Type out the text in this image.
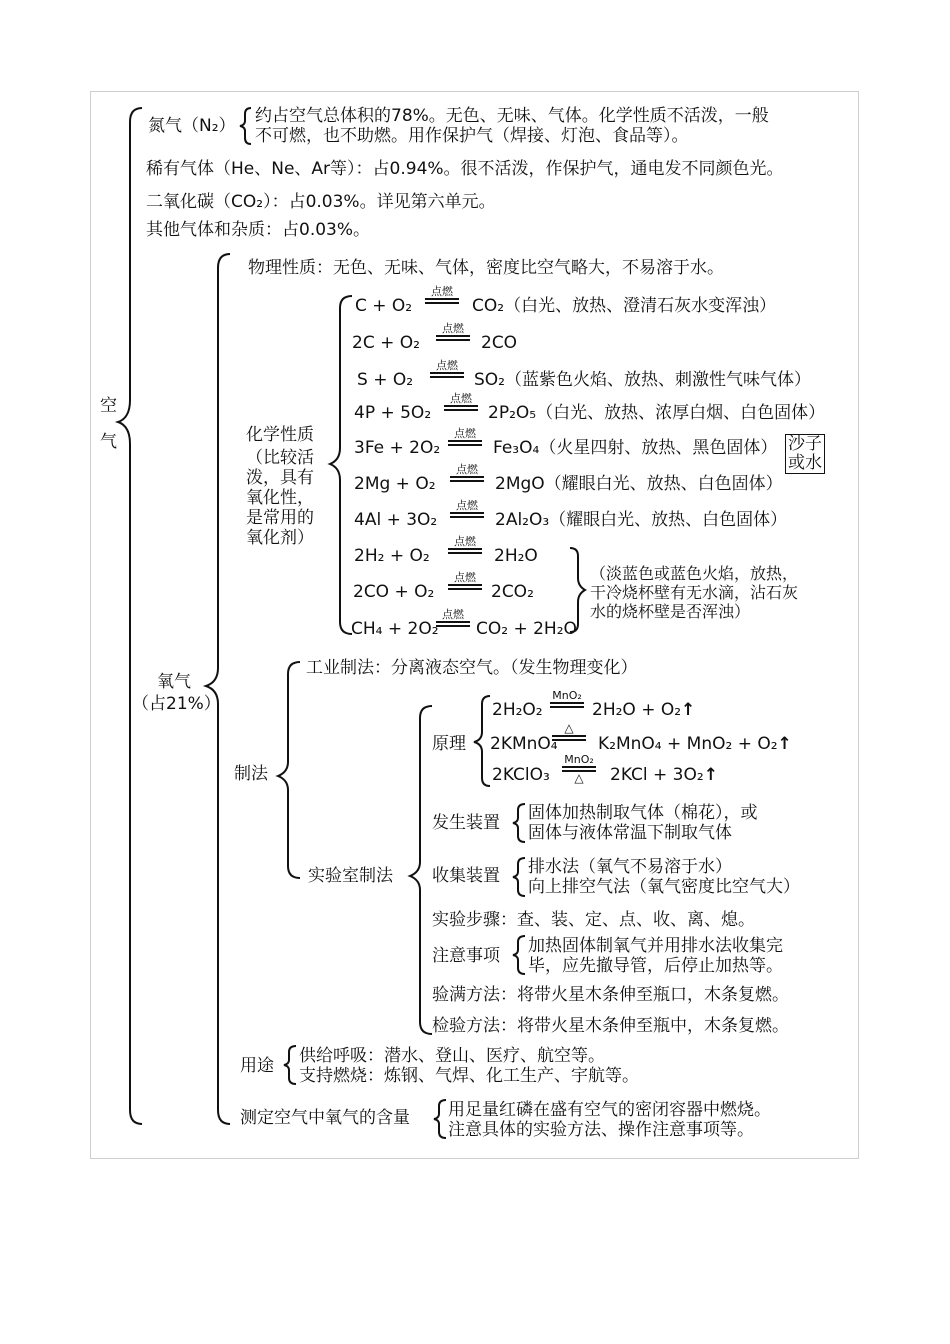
空
气
氮气（N₂） 约占空气总体积的78%。无色、无味、气体。化学性质不活泼，一般
不可燃，也不助燃。用作保护气（焊接、灯泡、食品等）。
稀有气体（He、Ne、Ar等）：占0.94%。很不活泼，作保护气，通电发不同颜色光。
二氧化碳（CO₂）：占0.03%。详见第六单元。
其他气体和杂质：占0.03%。
氧气
（占21%）
物理性质：无色、无味、气体，密度比空气略大，不易溶于水。
化学性质
（比较活
泼，具有
氧化性，
是常用的
氧化剂）
C + O₂
点燃
CO₂（白光、放热、澄清石灰水变浑浊）
2C + O₂
点燃
2CO
S + O₂
点燃
SO₂（蓝紫色火焰、放热、刺激性气味气体）
4P + 5O₂
点燃
2P₂O₅（白光、放热、浓厚白烟、白色固体）
3Fe + 2O₂
点燃
Fe₃O₄（火星四射、放热、黑色固体） 沙子
或水
2Mg + O₂
点燃
2MgO（耀眼白光、放热、白色固体）
4Al + 3O₂
点燃
2Al₂O₃（耀眼白光、放热、白色固体）
2H₂ + O₂
点燃
2H₂O
2CO + O₂
点燃
2CO₂
CH₄ + 2O₂
点燃
CO₂ + 2H₂O
（淡蓝色或蓝色火焰，放热，
干冷烧杯壁有无水滴，沾石灰
水的烧杯壁是否浑浊）
制法
工业制法：分离液态空气。（发生物理变化）
实验室制法
原理
2H₂O₂
MnO₂
2H₂O + O₂↑
2KMnO₄
△
K₂MnO₄ + MnO₂ + O₂↑
2KClO₃
MnO₂
△	2KCl + 3O₂↑
发生装置 固体加热制取气体（棉花），或
固体与液体常温下制取气体
收集装置 排水法（氧气不易溶于水）
向上排空气法（氧气密度比空气大）
实验步骤：查、装、定、点、收、离、熄。
注意事项 加热固体制氧气并用排水法收集完
毕，应先撤导管，后停止加热等。
验满方法：将带火星木条伸至瓶口，木条复燃。
检验方法：将带火星木条伸至瓶中，木条复燃。
用途 供给呼吸：潜水、登山、医疗、航空等。
支持燃烧：炼钢、气焊、化工生产、宇航等。
测定空气中氧气的含量 用足量红磷在盛有空气的密闭容器中燃烧。
注意具体的实验方法、操作注意事项等。
